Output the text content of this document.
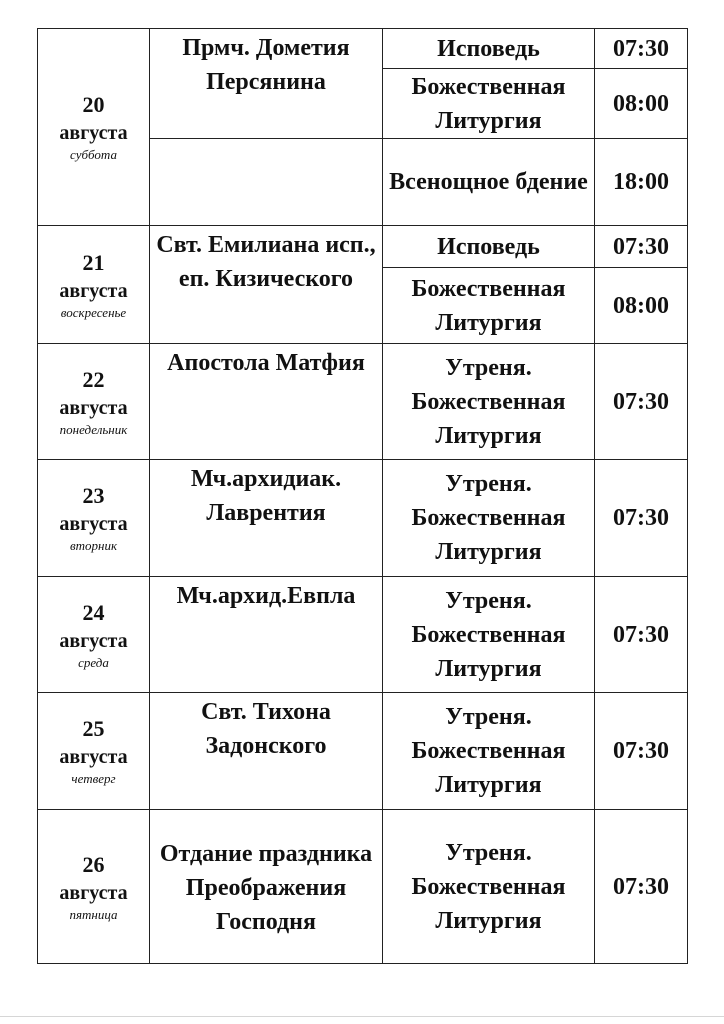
20
августа
суббота	Прмч. Дометия Персянина	Исповедь	07:30
		Божественная Литургия	08:00
		Всенощное бдение	18:00

21
августа
воскресенье	Свт. Емилиана исп., еп. Кизического	Исповедь	07:30
		Божественная Литургия	08:00

22
августа
понедельник	Апостола Матфия	Утреня. Божественная Литургия	07:30

23
августа
вторник	Мч.архидиак. Лаврентия	Утреня. Божественная Литургия	07:30

24
августа
среда	Мч.архид.Евпла	Утреня. Божественная Литургия	07:30

25
августа
четверг	Свт. Тихона Задонского	Утреня. Божественная Литургия	07:30

26
августа
пятница	Отдание праздника Преображения Господня	Утреня. Божественная Литургия	07:30
